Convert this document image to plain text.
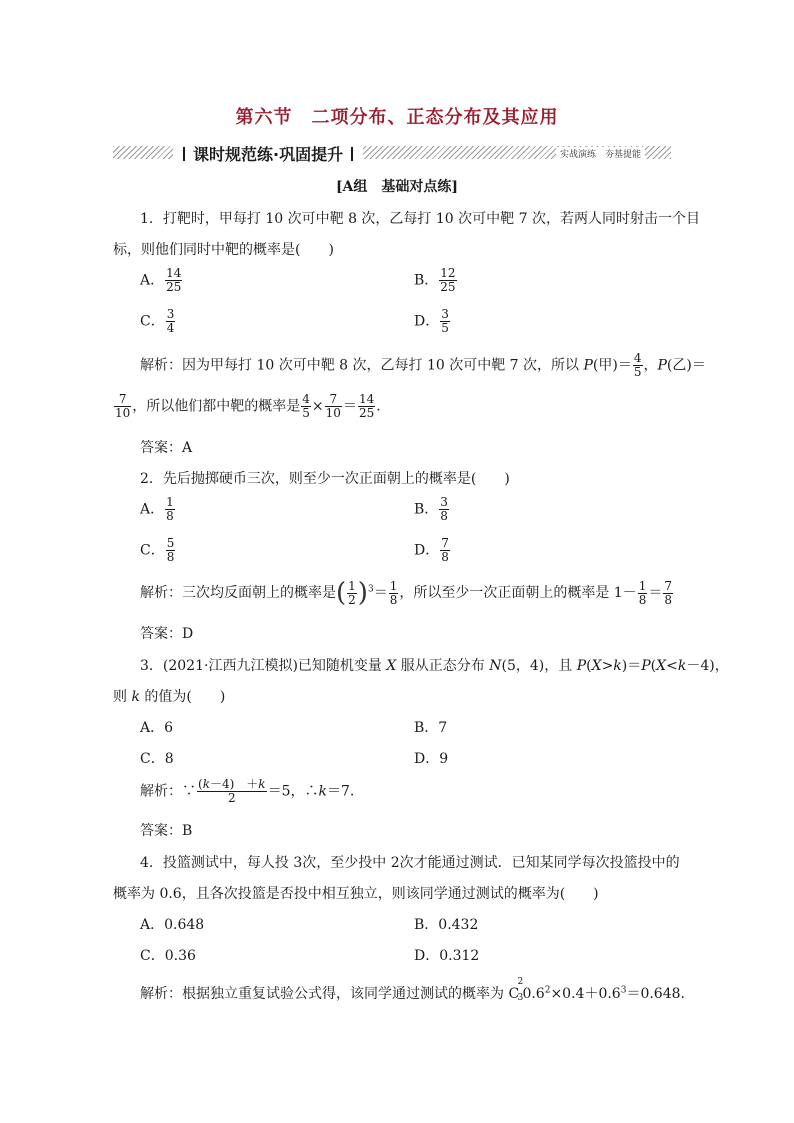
第六节　二项分布、正态分布及其应用
课时规范练·巩固提升	实战演练　夯基提能
[A组　基础对点练]
1．打靶时，甲每打 10 次可中靶 8 次，乙每打 10 次可中靶 7 次，若两人同时射击一个目
标，则他们同时中靶的概率是(　　)
A． $\frac{14}{25}$	B． $\frac{12}{25}$
C． $\frac{3}{4}$	D． $\frac{3}{5}$
解析：因为甲每打 10 次可中靶 8 次，乙每打 10 次可中靶 7 次，所以 P(甲)＝ $\frac{4}{5}$ ，P(乙)＝
$\frac{7}{10}$ ，所以他们都中靶的概率是 $\frac{4}{5} \times \frac{7}{10} = \frac{14}{25}$ .
答案：A
2．先后抛掷硬币三次，则至少一次正面朝上的概率是(　　)
A． $\frac{1}{8}$	B． $\frac{3}{8}$
C． $\frac{5}{8}$	D． $\frac{7}{8}$
解析：三次均反面朝上的概率是( $\frac{1}{2} )^3= \frac{1}{8}$ ，所以至少一次正面朝上的概率是 $1- \frac{1}{8} = \frac{7}{8}$
答案：D
3．(2021·江西九江模拟)已知随机变量 X 服从正态分布 N(5，4)，且 P(X>k)＝P(X<k－4)，
则 k 的值为(　　)
A．6	B．7
C．8	D．9
解析：∵ $\frac{(k-4) +k}{2} =5$，∴k＝7.
答案：B
4．投篮测试中，每人投 3次，至少投中 2次才能通过测试．已知某同学每次投篮投中的
概率为 0.6，且各次投篮是否投中相互独立，则该同学通过测试的概率为(　　)
A．0.648	B．0.432
C．0.36	D．0.312
解析：根据独立重复试验公式得，该同学通过测试的概率为 C
2
3 $0.6^2\times 0.4+0.6^3=0.648$.
